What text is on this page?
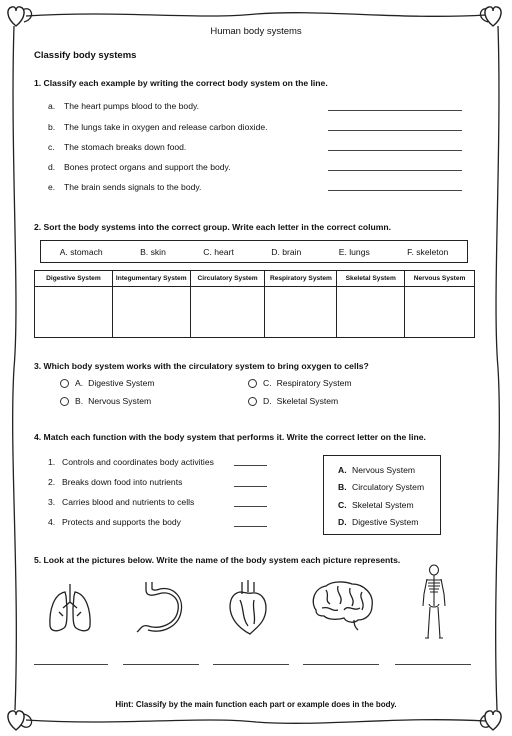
Human body systems
Classify body systems
1. Classify each example by writing the correct body system on the line.
a. The heart pumps blood to the body.
b. The lungs take in oxygen and release carbon dioxide.
c. The stomach breaks down food.
d. Bones protect organs and support the body.
e. The brain sends signals to the body.
2. Sort the body systems into the correct group. Write each letter in the correct column.
A. stomach	B. skin	C. heart	D. brain	E. lungs	F. skeleton
Digestive System	Integumentary System	Circulatory System	Respiratory System	Skeletal System	Nervous System

3. Which body system works with the circulatory system to bring oxygen to cells?
A. Digestive System
B. Nervous System
C. Respiratory System
D. Skeletal System
4. Match each function with the body system that performs it. Write the correct letter on the line.
1. Controls and coordinates body activities
2. Breaks down food into nutrients
3. Carries blood and nutrients to cells
4. Protects and supports the body
A. Nervous System
B. Circulatory System
C. Skeletal System
D. Digestive System
5. Look at the pictures below. Write the name of the body system each picture represents.
Hint: Classify by the main function each part or example does in the body.
